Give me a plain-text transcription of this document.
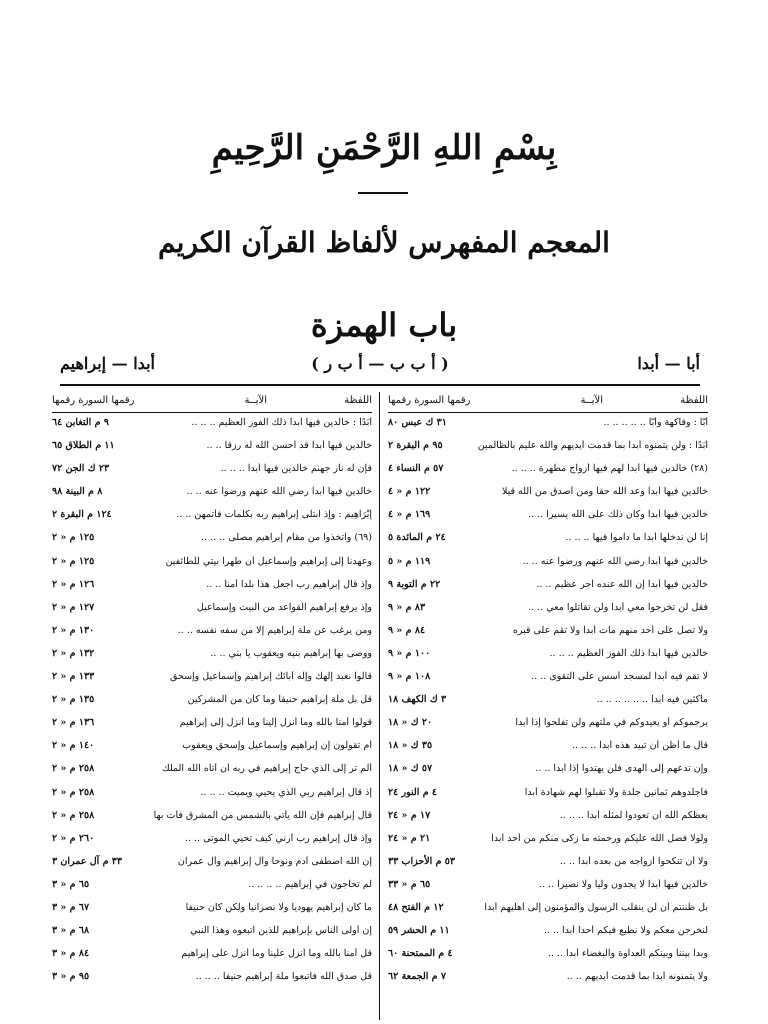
بِسْمِ اللهِ الرَّحْمَنِ الرَّحِيمِ
المعجم المفهرس لألفاظ القرآن الكريم
باب الهمزة
أبا — أبدا
( أ ب ب — أ ب ر )
أبدا — إبراهيم
اللفظة
الآيــة
رقمها السورة رقمها
أَبًّا : وفاكهة وأبًّا .. .. .. .. ..
٣١ ك عبس ٨٠
أَبَدًا : ولن يتمنوه أبدا بما قدمت أيديهم والله عليم بالظالمين
٩٥ م البقرة ٢
(٢٨) خالدين فيها أبدا لهم فيها أزواج مطهرة .. .. ..
٥٧ م النساء ٤
خالدين فيها أبدا وعد الله حقا ومن أصدق من الله قيلا
١٢٢ م « ٤
خالدين فيها أبدا وكان ذلك على الله يسيرا .. ..
١٦٩ م « ٤
إنا لن ندخلها أبدا ما داموا فيها .. .. ..
٢٤ م المائدة ٥
خالدين فيها أبدا رضي الله عنهم ورضوا عنه .. ..
١١٩ م « ٥
خالدين فيها أبدا إن الله عنده أجر عظيم .. ..
٢٢ م التوبة ٩
فقل لن تخرجوا معي أبدا ولن تقاتلوا معي .. ..
٨٣ م « ٩
ولا تصل على أحد منهم مات أبدا ولا تقم على قبره
٨٤ م « ٩
خالدين فيها أبدا ذلك الفوز العظيم .. .. ..
١٠٠ م « ٩
لا تقم فيه أبدا لمسجد أسس على التقوى .. ..
١٠٨ م « ٩
ماكثين فيه أبدا .. .. .. .. .. ..
٣ ك الكهف ١٨
يرجموكم أو يعيدوكم في ملتهم ولن تفلحوا إذا أبدا
٢٠ ك « ١٨
قال ما أظن أن تبيد هذه أبدا .. .. ..
٣٥ ك « ١٨
وإن تدعهم إلى الهدى فلن يهتدوا إذا أبدا .. ..
٥٧ ك « ١٨
فاجلدوهم ثمانين جلدة ولا تقبلوا لهم شهادة أبدا
٤ م النور ٢٤
يعظكم الله أن تعودوا لمثله أبدا .. .. ..
١٧ م « ٢٤
ولولا فضل الله عليكم ورحمته ما زكى منكم من أحد أبدا
٢١ م « ٢٤
ولا أن تنكحوا أزواجه من بعده أبدا .. ..
٥٣ م الأحزاب ٣٣
خالدين فيها أبدا لا يجدون وليا ولا نصيرا .. ..
٦٥ م « ٣٣
بل ظننتم أن لن ينقلب الرسول والمؤمنون إلى أهليهم أبدا
١٢ م الفتح ٤٨
لنخرجن معكم ولا نطيع فيكم أحدا أبدا .. ..
١١ م الحشر ٥٩
وبدا بيننا وبينكم العداوة والبغضاء أبدا .. ..
٤ م الممتحنة ٦٠
ولا يتمنونه أبدا بما قدمت أيديهم .. ..
٧ م الجمعة ٦٢
اللفظة
الآيــة
رقمها السورة رقمها
أَبَدًا : خالدين فيها أبدا ذلك الفوز العظيم .. .. ..
٩ م التغابن ٦٤
خالدين فيها أبدا قد أحسن الله له رزقا .. ..
١١ م الطلاق ٦٥
فإن له نار جهنم خالدين فيها أبدا .. .. ..
٢٣ ك الجن ٧٢
خالدين فيها أبدا رضي الله عنهم ورضوا عنه .. ..
٨ م البينة ٩٨
إِبْرَاهِيم : وإذ ابتلى إبراهيم ربه بكلمات فأتمهن .. ..
١٢٤ م البقرة ٢
(٦٩) واتخذوا من مقام إبراهيم مصلى .. .. ..
١٢٥ م « ٢
وعهدنا إلى إبراهيم وإسماعيل أن طهرا بيتي للطائفين
١٢٥ م « ٢
وإذ قال إبراهيم رب اجعل هذا بلدا آمنا .. ..
١٢٦ م « ٢
وإذ يرفع إبراهيم القواعد من البيت وإسماعيل
١٢٧ م « ٢
ومن يرغب عن ملة إبراهيم إلا من سفه نفسه .. ..
١٣٠ م « ٢
ووصى بها إبراهيم بنيه ويعقوب يا بني .. ..
١٣٢ م « ٢
قالوا نعبد إلهك وإله آبائك إبراهيم وإسماعيل وإسحق
١٣٣ م « ٢
قل بل ملة إبراهيم حنيفا وما كان من المشركين
١٣٥ م « ٢
قولوا آمنا بالله وما أنزل إلينا وما أنزل إلى إبراهيم
١٣٦ م « ٢
أم تقولون إن إبراهيم وإسماعيل وإسحق ويعقوب
١٤٠ م « ٢
ألم تر إلى الذي حاج إبراهيم في ربه أن آتاه الله الملك
٢٥٨ م « ٢
إذ قال إبراهيم ربي الذي يحيي ويميت .. .. ..
٢٥٨ م « ٢
قال إبراهيم فإن الله يأتي بالشمس من المشرق فأت بها
٢٥٨ م « ٢
وإذ قال إبراهيم رب أرني كيف تحيي الموتى .. ..
٢٦٠ م « ٢
إن الله اصطفى آدم ونوحا وآل إبراهيم وآل عمران
٣٣ م آل عمران ٣
لم تحاجون في إبراهيم .. .. .. ..
٦٥ م « ٣
ما كان إبراهيم يهوديا ولا نصرانيا ولكن كان حنيفا
٦٧ م « ٣
إن أولى الناس بإبراهيم للذين اتبعوه وهذا النبي
٦٨ م « ٣
قل آمنا بالله وما أنزل علينا وما أنزل على إبراهيم
٨٤ م « ٣
قل صدق الله فاتبعوا ملة إبراهيم حنيفا .. .. ..
٩٥ م « ٣
